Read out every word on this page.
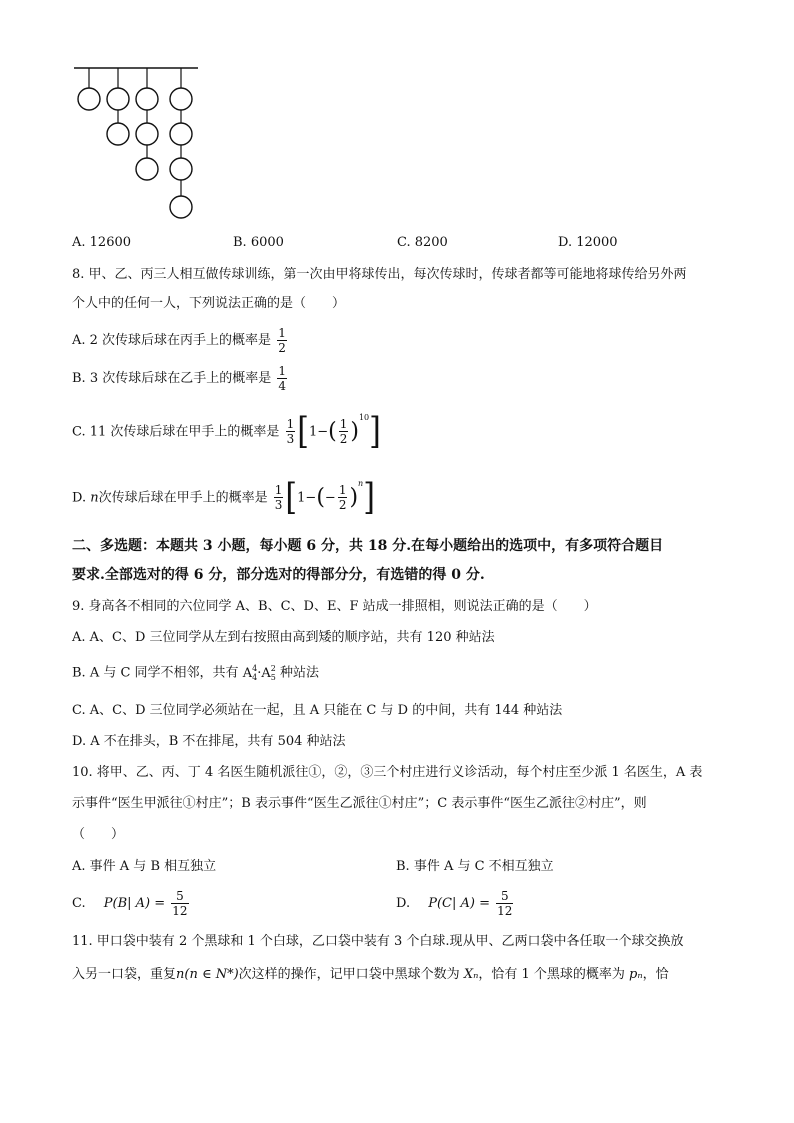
A. 12600	B. 6000	C. 8200	D. 12000
8. 甲、乙、丙三人相互做传球训练，第一次由甲将球传出，每次传球时，传球者都等可能地将球传给另外两
个人中的任何一人，下列说法正确的是（　　）
A. 2 次传球后球在丙手上的概率是 $\frac{1}{2}$
B. 3 次传球后球在乙手上的概率是 $\frac{1}{4}$
C. 11 次传球后球在甲手上的概率是 $\frac{1}{3} [1-( \frac{1}{2} )^{10}]$
D. n次传球后球在甲手上的概率是 $\frac{1}{3} [1-(- \frac{1}{2} )^n]$
二、多选题：本题共 3 小题，每小题 6 分，共 18 分.在每小题给出的选项中，有多项符合题目
要求.全部选对的得 6 分，部分选对的得部分分，有选错的得 0 分.
9. 身高各不相同的六位同学 A、B、C、D、E、F 站成一排照相，则说法正确的是（　　）
A. A、C、D 三位同学从左到右按照由高到矮的顺序站，共有 120 种站法
B. A 与 C 同学不相邻，共有 A 4
4 ·A 2
5 种站法
C. A、C、D 三位同学必须站在一起，且 A 只能在 C 与 D 的中间，共有 144 种站法
D. A 不在排头，B 不在排尾，共有 504 种站法
10. 将甲、乙、丙、丁 4 名医生随机派往①，②，③三个村庄进行义诊活动，每个村庄至少派 1 名医生，A 表
示事件“医生甲派往①村庄”；B 表示事件“医生乙派往①村庄”；C 表示事件“医生乙派往②村庄”，则
（　　）
A. 事件 A 与 B 相互独立	B. 事件 A 与 C 不相互独立
C. P(B| $A) = \frac{5}{12}$	D. P(C| $A) = \frac{5}{12}$
11. 甲口袋中装有 2 个黑球和 1 个白球，乙口袋中装有 3 个白球.现从甲、乙两口袋中各任取一个球交换放
入另一口袋，重复n(n ∈ N*)次这样的操作，记甲口袋中黑球个数为 Xₙ，恰有 1 个黑球的概率为 pₙ，恰
